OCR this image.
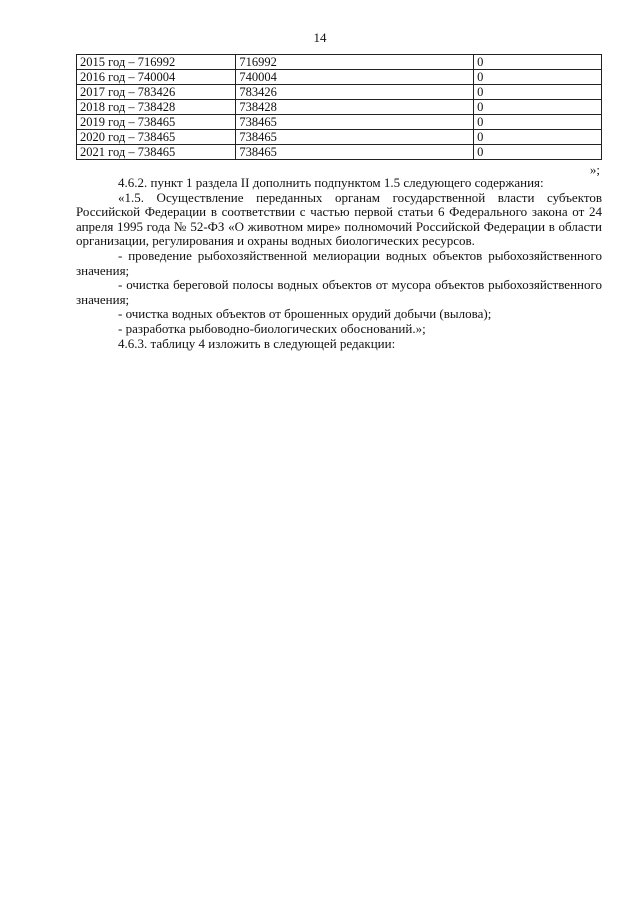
14
2015 год – 716992	716992	0
2016 год – 740004	740004	0
2017 год – 783426	783426	0
2018 год – 738428	738428	0
2019 год – 738465	738465	0
2020 год – 738465	738465	0
2021 год – 738465	738465	0
»;

4.6.2. пункт 1 раздела II дополнить подпунктом 1.5 следующего содержания:

«1.5. Осуществление переданных органам государственной власти субъектов Российской Федерации в соответствии с частью первой статьи 6 Федерального закона от 24 апреля 1995 года № 52-ФЗ «О животном мире» полномочий Российской Федерации в области организации, регулирования и охраны водных биологических ресурсов.

- проведение рыбохозяйственной мелиорации водных объектов рыбохозяйственного значения;

- очистка береговой полосы водных объектов от мусора объектов рыбохозяйственного значения;

- очистка водных объектов от брошенных орудий добычи (вылова);

- разработка рыбоводно-биологических обоснований.»;

4.6.3. таблицу 4 изложить в следующей редакции:
